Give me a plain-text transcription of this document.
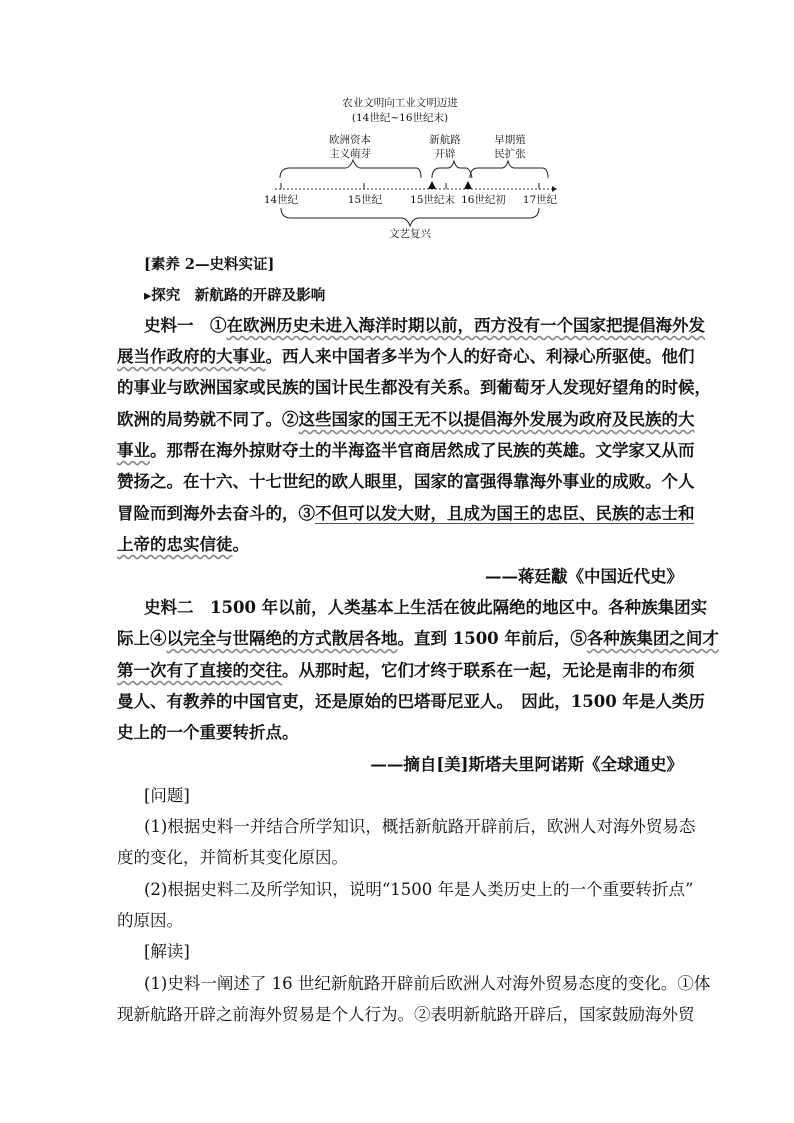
农业文明向工业文明迈进
(14世纪~16世纪末)
欧洲资本
主义萌芽
新航路
开辟
早期殖
民扩张
14世纪	15世纪	15世纪末 16世纪初	17世纪
文艺复兴
[素养 2—史料实证]
▸探究　新航路的开辟及影响
史料一　①在欧洲历史未进入海洋时期以前，西方没有一个国家把提倡海外发
展当作政府的大事业。西人来中国者多半为个人的好奇心、利禄心所驱使。他们
的事业与欧洲国家或民族的国计民生都没有关系。到葡萄牙人发现好望角的时候，
欧洲的局势就不同了。②这些国家的国王无不以提倡海外发展为政府及民族的大
事业。那帮在海外掠财夺土的半海盗半官商居然成了民族的英雄。文学家又从而
赞扬之。在十六、十七世纪的欧人眼里，国家的富强得靠海外事业的成败。个人
冒险而到海外去奋斗的，③不但可以发大财，且成为国王的忠臣、民族的志士和
上帝的忠实信徒。
——蒋廷黻《中国近代史》
史料二　1500 年以前，人类基本上生活在彼此隔绝的地区中。各种族集团实
际上④以完全与世隔绝的方式散居各地。直到 1500 年前后，⑤各种族集团之间才
第一次有了直接的交往。从那时起，它们才终于联系在一起，无论是南非的布须
曼人、有教养的中国官吏，还是原始的巴塔哥尼亚人。　因此，1500 年是人类历
史上的一个重要转折点。
——摘自[美]斯塔夫里阿诺斯《全球通史》
[问题]
(1)根据史料一并结合所学知识，概括新航路开辟前后，欧洲人对海外贸易态
度的变化，并简析其变化原因。
(2)根据史料二及所学知识，说明“1500 年是人类历史上的一个重要转折点”
的原因。
[解读]
(1)史料一阐述了 16 世纪新航路开辟前后欧洲人对海外贸易态度的变化。①体
现新航路开辟之前海外贸易是个人行为。②表明新航路开辟后，国家鼓励海外贸
